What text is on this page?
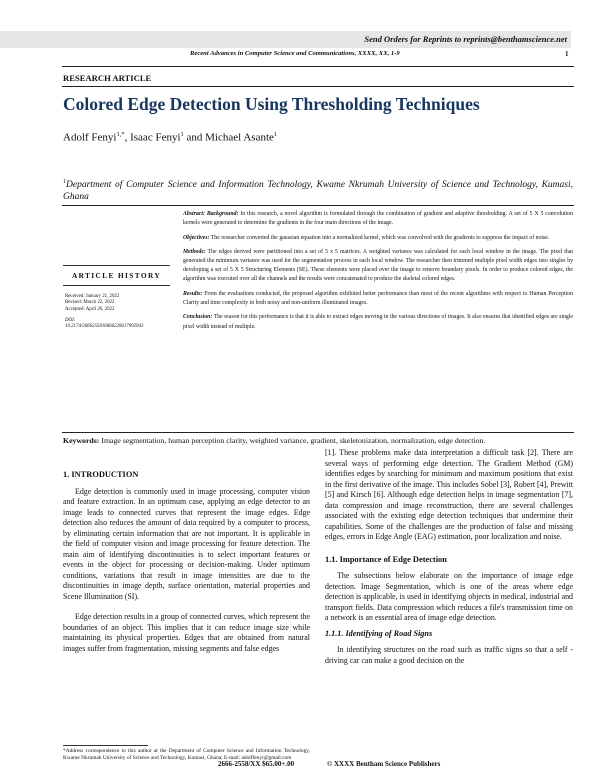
Send Orders for Reprints to reprints@benthamscience.net
Recent Advances in Computer Science and Communications, XXXX, XX, 1-9	1
RESEARCH ARTICLE
Colored Edge Detection Using Thresholding Techniques
Adolf Fenyi$^{1,*}$, Isaac Fenyi$^1$ and Michael Asante$^1$
$^1$Department of Computer Science and Information Technology, Kwame Nkrumah University of Science and Technology, Kumasi, Ghana
ARTICLE HISTORY
Received: January 21, 2022
Revised: March 22, 2022
Accepted: April 26, 2022
DOI:
10.2174/2666255816666220617092943

Abstract: Background: In this research, a novel algorithm is formulated through the combination of gradient and adaptive thresholding. A set of 5 X 5 convolution kernels were generated to determine the gradients in the four main directions of the image.

Objectives: The researcher converted the gaussian equation into a normalized kernel, which was convolved with the gradients to suppress the impact of noise.

Methods: The edges derived were partitioned into a set of 5 x 5 matrices. A weighted variance was calculated for each local window in the image. The pixel that generated the minimum variance was used for the segmentation process in each local window. The researcher then trimmed multiple pixel width edges into singles by developing a set of 5 X 5 Structuring Elements (SE). These elements were placed over the image to remove boundary pixels. In order to produce colored edges, the algorithm was executed over all the channels and the results were concatenated to produce the skeletal colored edges.

Results: From the evaluations conducted, the proposed algorithm exhibited better performance than most of the recent algorithms with respect to Human Perception Clarity and time complexity in both noisy and non-uniform illuminated images.

Conclusion: The reason for this performance is that it is able to extract edges moving in the various directions of images. It also ensures that identified edges are single pixel width instead of multiple.

Keywords: Image segmentation, human perception clarity, weighted variance, gradient, skeletonization, normalization, edge detection.

1. INTRODUCTION

Edge detection is commonly used in image processing, computer vision and feature extraction. In an optimum case, applying an edge detector to an image leads to connected curves that represent the image edges. Edge detection also reduces the amount of data required by a computer to process, by eliminating certain information that are not important. It is applicable in the field of computer vision and image processing for feature detection. The main aim of identifying discontinuities is to select important features or events in the object for processing or decision-making. Under optimum conditions, variations that result in image intensities are due to the discontinuities in image depth, surface orientation, material properties and Scene Illumination (SI).

Edge detection results in a group of connected curves, which represent the boundaries of an object. This implies that it can reduce image size while maintaining its physical properties. Edges that are obtained from natural images suffer from fragmentation, missing segments and false edges

[1]. These problems make data interpretation a difficult task [2]. There are several ways of performing edge detection. The Gradient Method (GM) identifies edges by searching for minimum and maximum positions that exist in the first derivative of the image. This includes Sobel [3], Robert [4], Prewitt [5] and Kirsch [6]. Although edge detection helps in image segmentation [7], data compression and image reconstruction, there are several challenges associated with the existing edge detection techniques that undermine their capabilities. Some of the challenges are the production of false and missing edges, errors in Edge Angle (EAG) estimation, poor localization and noise.

1.1. Importance of Edge Detection

The subsections below elaborate on the importance of image edge detection. Image Segmentation, which is one of the areas where edge detection is applicable, is used in identifying objects in medical, industrial and transport fields. Data compression which reduces a file's transmission time on a network is an essential area of image edge detection.

1.1.1. Identifying of Road Signs

In identifying structures on the road such as traffic signs so that a self - driving car can make a good decision on the

*Address correspondence to this author at the Department of Computer Science and Information Technology, Kwame Nkrumah University of Science and Technology, Kumasi, Ghana; E-mail: adolffenyi@gmail.com
2666-2558/XX $65.00+.00	© XXXX Bentham Science Publishers
